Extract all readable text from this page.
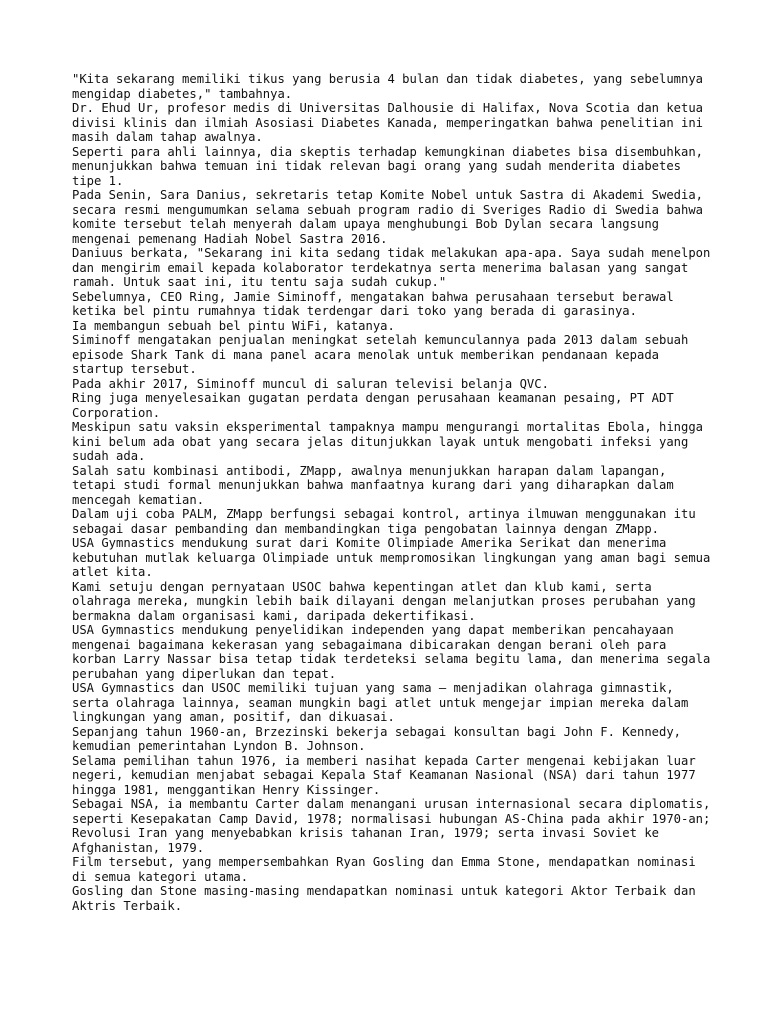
"Kita sekarang memiliki tikus yang berusia 4 bulan dan tidak diabetes, yang sebelumnya mengidap diabetes," tambahnya.

Dr. Ehud Ur, profesor medis di Universitas Dalhousie di Halifax, Nova Scotia dan ketua divisi klinis dan ilmiah Asosiasi Diabetes Kanada, memperingatkan bahwa penelitian ini masih dalam tahap awalnya.

Seperti para ahli lainnya, dia skeptis terhadap kemungkinan diabetes bisa disembuhkan, menunjukkan bahwa temuan ini tidak relevan bagi orang yang sudah menderita diabetes tipe 1.

Pada Senin, Sara Danius, sekretaris tetap Komite Nobel untuk Sastra di Akademi Swedia, secara resmi mengumumkan selama sebuah program radio di Sveriges Radio di Swedia bahwa komite tersebut telah menyerah dalam upaya menghubungi Bob Dylan secara langsung mengenai pemenang Hadiah Nobel Sastra 2016.

Daniuus berkata, "Sekarang ini kita sedang tidak melakukan apa-apa. Saya sudah menelpon dan mengirim email kepada kolaborator terdekatnya serta menerima balasan yang sangat ramah. Untuk saat ini, itu tentu saja sudah cukup."

Sebelumnya, CEO Ring, Jamie Siminoff, mengatakan bahwa perusahaan tersebut berawal ketika bel pintu rumahnya tidak terdengar dari toko yang berada di garasinya.

Ia membangun sebuah bel pintu WiFi, katanya.

Siminoff mengatakan penjualan meningkat setelah kemunculannya pada 2013 dalam sebuah episode Shark Tank di mana panel acara menolak untuk memberikan pendanaan kepada startup tersebut.

Pada akhir 2017, Siminoff muncul di saluran televisi belanja QVC.

Ring juga menyelesaikan gugatan perdata dengan perusahaan keamanan pesaing, PT ADT Corporation.

Meskipun satu vaksin eksperimental tampaknya mampu mengurangi mortalitas Ebola, hingga kini belum ada obat yang secara jelas ditunjukkan layak untuk mengobati infeksi yang sudah ada.

Salah satu kombinasi antibodi, ZMapp, awalnya menunjukkan harapan dalam lapangan, tetapi studi formal menunjukkan bahwa manfaatnya kurang dari yang diharapkan dalam mencegah kematian.

Dalam uji coba PALM, ZMapp berfungsi sebagai kontrol, artinya ilmuwan menggunakan itu sebagai dasar pembanding dan membandingkan tiga pengobatan lainnya dengan ZMapp.

USA Gymnastics mendukung surat dari Komite Olimpiade Amerika Serikat dan menerima kebutuhan mutlak keluarga Olimpiade untuk mempromosikan lingkungan yang aman bagi semua atlet kita.

Kami setuju dengan pernyataan USOC bahwa kepentingan atlet dan klub kami, serta olahraga mereka, mungkin lebih baik dilayani dengan melanjutkan proses perubahan yang bermakna dalam organisasi kami, daripada dekertifikasi.

USA Gymnastics mendukung penyelidikan independen yang dapat memberikan pencahayaan mengenai bagaimana kekerasan yang sebagaimana dibicarakan dengan berani oleh para korban Larry Nassar bisa tetap tidak terdeteksi selama begitu lama, dan menerima segala perubahan yang diperlukan dan tepat.

USA Gymnastics dan USOC memiliki tujuan yang sama — menjadikan olahraga gimnastik, serta olahraga lainnya, seaman mungkin bagi atlet untuk mengejar impian mereka dalam lingkungan yang aman, positif, dan dikuasai.

Sepanjang tahun 1960-an, Brzezinski bekerja sebagai konsultan bagi John F. Kennedy, kemudian pemerintahan Lyndon B. Johnson.

Selama pemilihan tahun 1976, ia memberi nasihat kepada Carter mengenai kebijakan luar negeri, kemudian menjabat sebagai Kepala Staf Keamanan Nasional (NSA) dari tahun 1977 hingga 1981, menggantikan Henry Kissinger.

Sebagai NSA, ia membantu Carter dalam menangani urusan internasional secara diplomatis, seperti Kesepakatan Camp David, 1978; normalisasi hubungan AS-China pada akhir 1970-an; Revolusi Iran yang menyebabkan krisis tahanan Iran, 1979; serta invasi Soviet ke Afghanistan, 1979.

Film tersebut, yang mempersembahkan Ryan Gosling dan Emma Stone, mendapatkan nominasi di semua kategori utama.

Gosling dan Stone masing-masing mendapatkan nominasi untuk kategori Aktor Terbaik dan Aktris Terbaik.
